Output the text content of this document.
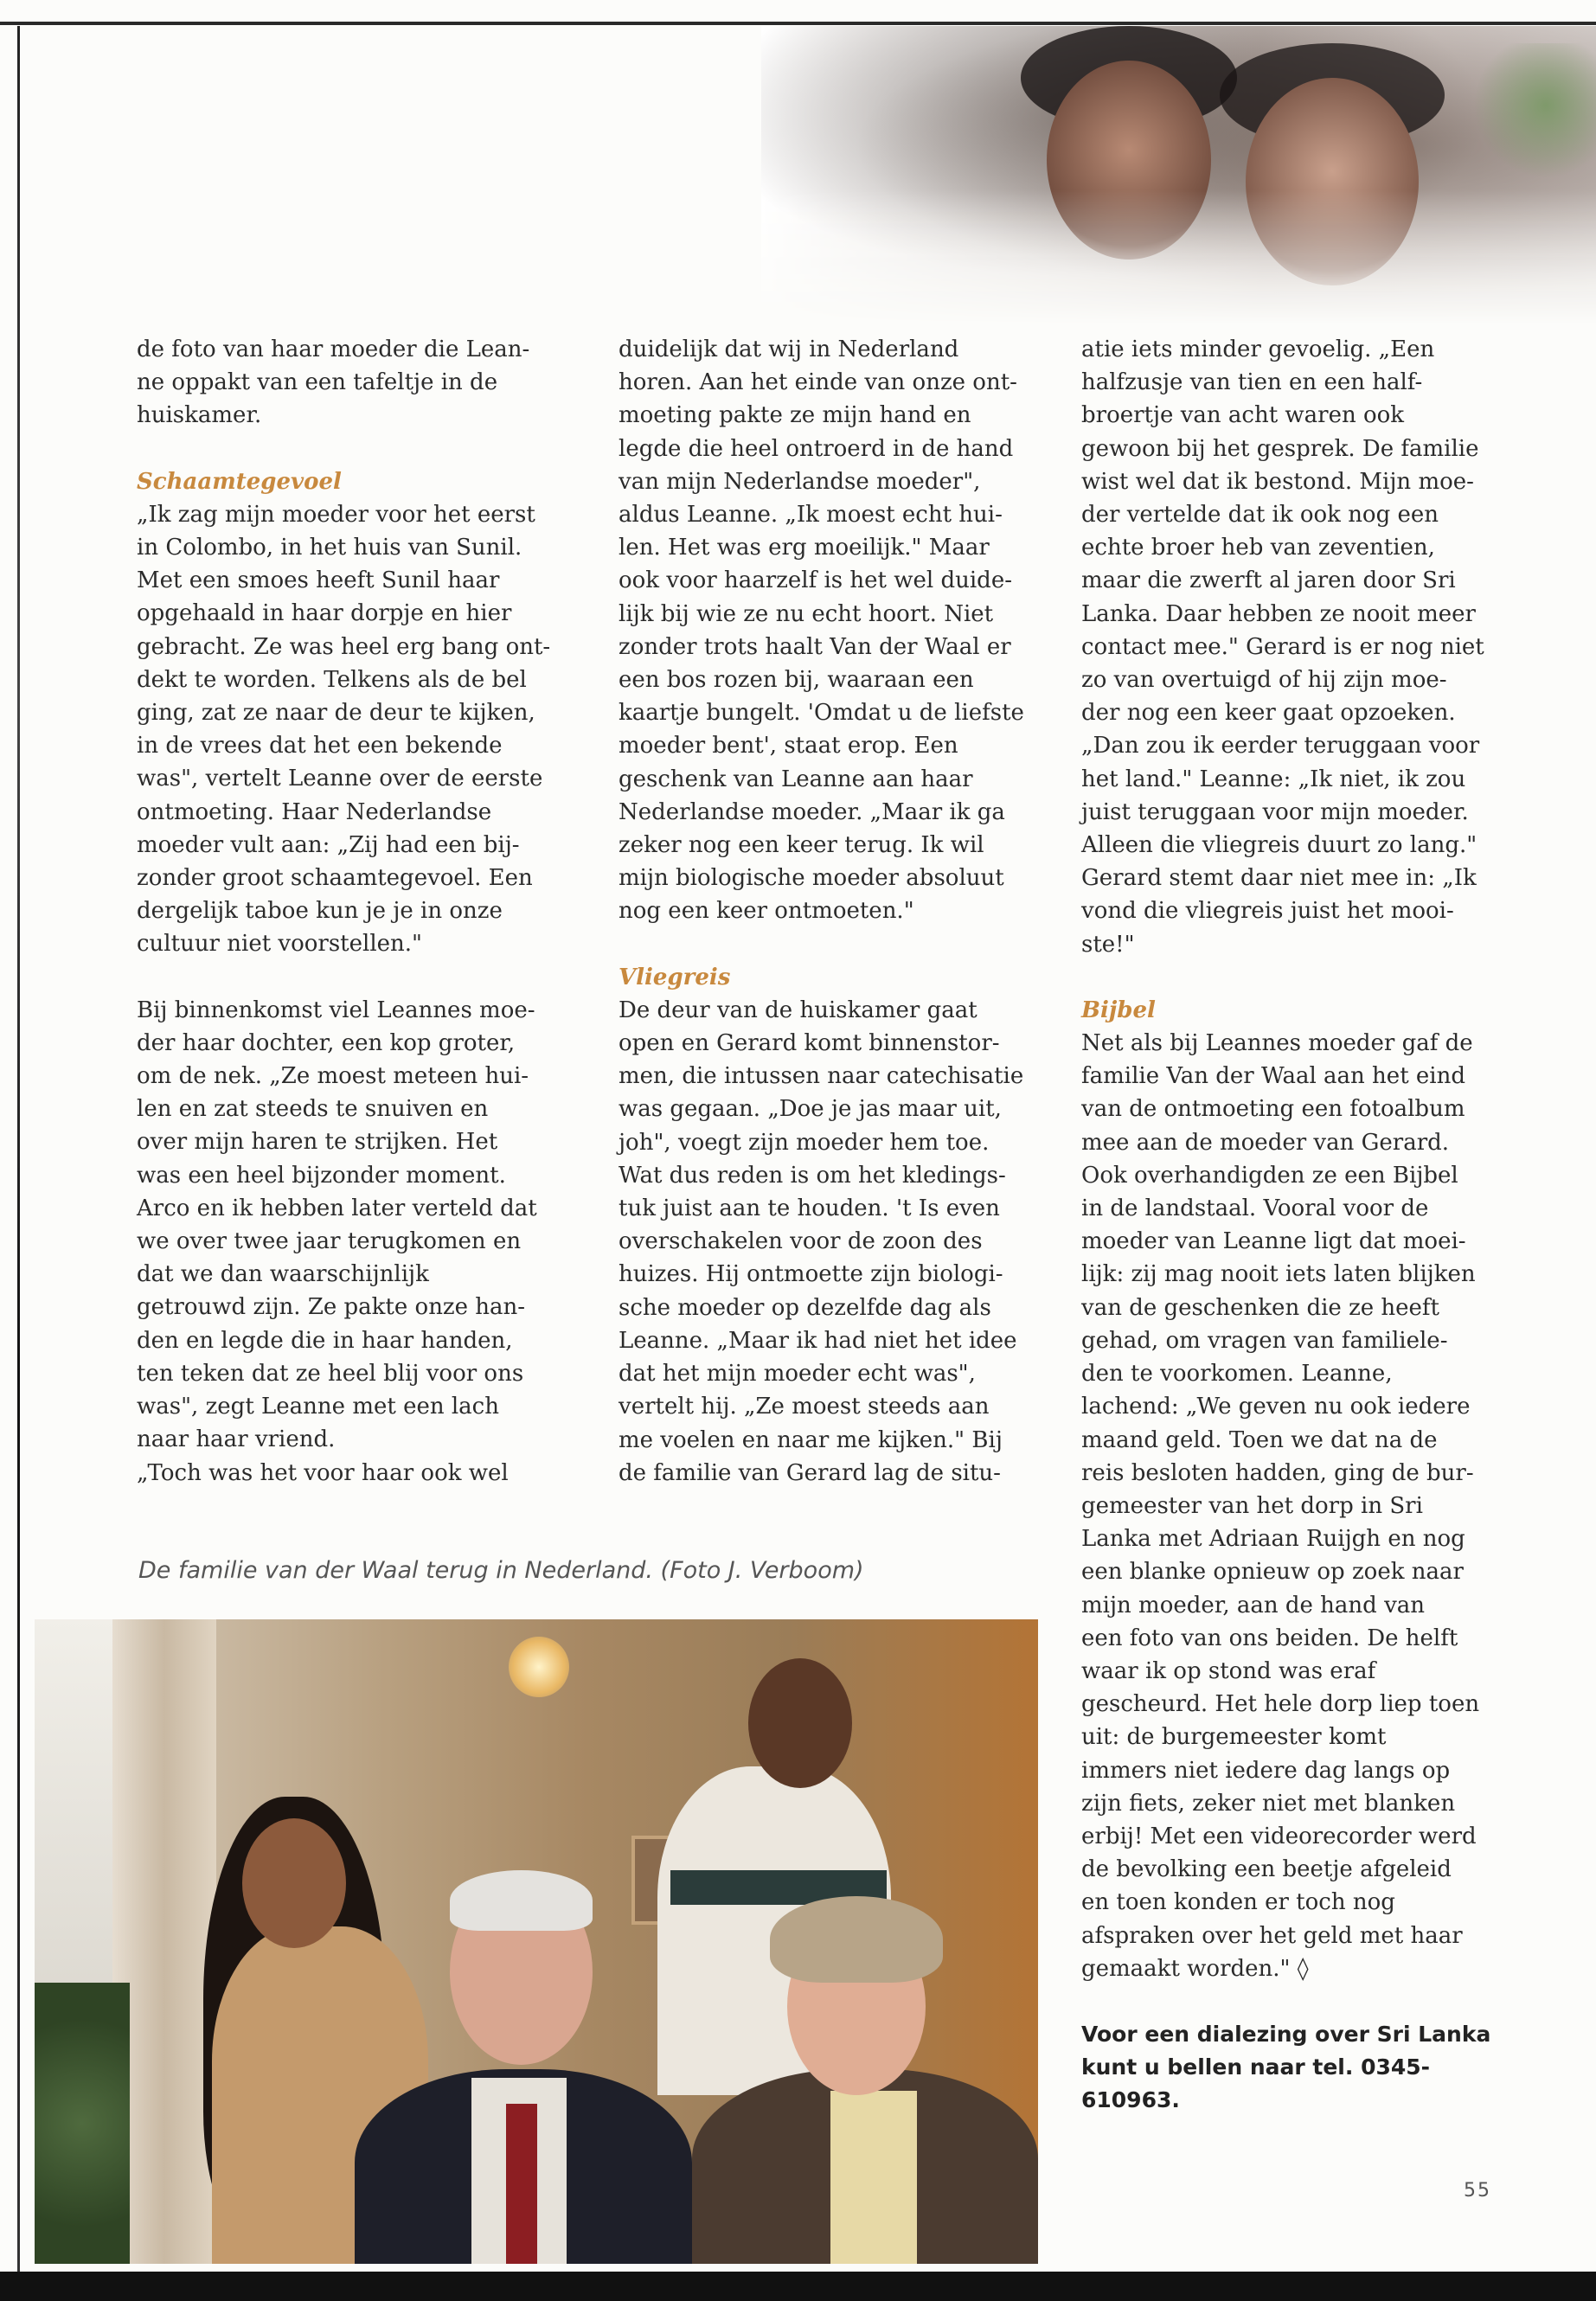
de foto van haar moeder die Lean-

ne oppakt van een tafeltje in de

huiskamer.

Schaamtegevoel

„Ik zag mijn moeder voor het eerst

in Colombo, in het huis van Sunil.

Met een smoes heeft Sunil haar

opgehaald in haar dorpje en hier

gebracht. Ze was heel erg bang ont-

dekt te worden. Telkens als de bel

ging, zat ze naar de deur te kijken,

in de vrees dat het een bekende

was", vertelt Leanne over de eerste

ontmoeting. Haar Nederlandse

moeder vult aan: „Zij had een bij-

zonder groot schaamtegevoel. Een

dergelijk taboe kun je je in onze

cultuur niet voorstellen."

Bij binnenkomst viel Leannes moe-

der haar dochter, een kop groter,

om de nek. „Ze moest meteen hui-

len en zat steeds te snuiven en

over mijn haren te strijken. Het

was een heel bijzonder moment.

Arco en ik hebben later verteld dat

we over twee jaar terugkomen en

dat we dan waarschijnlijk

getrouwd zijn. Ze pakte onze han-

den en legde die in haar handen,

ten teken dat ze heel blij voor ons

was", zegt Leanne met een lach

naar haar vriend.

„Toch was het voor haar ook wel

duidelijk dat wij in Nederland

horen. Aan het einde van onze ont-

moeting pakte ze mijn hand en

legde die heel ontroerd in de hand

van mijn Nederlandse moeder",

aldus Leanne. „Ik moest echt hui-

len. Het was erg moeilijk." Maar

ook voor haarzelf is het wel duide-

lijk bij wie ze nu echt hoort. Niet

zonder trots haalt Van der Waal er

een bos rozen bij, waaraan een

kaartje bungelt. 'Omdat u de liefste

moeder bent', staat erop. Een

geschenk van Leanne aan haar

Nederlandse moeder. „Maar ik ga

zeker nog een keer terug. Ik wil

mijn biologische moeder absoluut

nog een keer ontmoeten."

Vliegreis

De deur van de huiskamer gaat

open en Gerard komt binnenstor-

men, die intussen naar catechisatie

was gegaan. „Doe je jas maar uit,

joh", voegt zijn moeder hem toe.

Wat dus reden is om het kledings-

tuk juist aan te houden. 't Is even

overschakelen voor de zoon des

huizes. Hij ontmoette zijn biologi-

sche moeder op dezelfde dag als

Leanne. „Maar ik had niet het idee

dat het mijn moeder echt was",

vertelt hij. „Ze moest steeds aan

me voelen en naar me kijken." Bij

de familie van Gerard lag de situ-

atie iets minder gevoelig. „Een

halfzusje van tien en een half-

broertje van acht waren ook

gewoon bij het gesprek. De familie

wist wel dat ik bestond. Mijn moe-

der vertelde dat ik ook nog een

echte broer heb van zeventien,

maar die zwerft al jaren door Sri

Lanka. Daar hebben ze nooit meer

contact mee." Gerard is er nog niet

zo van overtuigd of hij zijn moe-

der nog een keer gaat opzoeken.

„Dan zou ik eerder teruggaan voor

het land." Leanne: „Ik niet, ik zou

juist teruggaan voor mijn moeder.

Alleen die vliegreis duurt zo lang."

Gerard stemt daar niet mee in: „Ik

vond die vliegreis juist het mooi-

ste!"

Bijbel

Net als bij Leannes moeder gaf de

familie Van der Waal aan het eind

van de ontmoeting een fotoalbum

mee aan de moeder van Gerard.

Ook overhandigden ze een Bijbel

in de landstaal. Vooral voor de

moeder van Leanne ligt dat moei-

lijk: zij mag nooit iets laten blijken

van de geschenken die ze heeft

gehad, om vragen van familiele-

den te voorkomen. Leanne,

lachend: „We geven nu ook iedere

maand geld. Toen we dat na de

reis besloten hadden, ging de bur-

gemeester van het dorp in Sri

Lanka met Adriaan Ruijgh en nog

een blanke opnieuw op zoek naar

mijn moeder, aan de hand van

een foto van ons beiden. De helft

waar ik op stond was eraf

gescheurd. Het hele dorp liep toen

uit: de burgemeester komt

immers niet iedere dag langs op

zijn fiets, zeker niet met blanken

erbij! Met een videorecorder werd

de bevolking een beetje afgeleid

en toen konden er toch nog

afspraken over het geld met haar

gemaakt worden." ◊

Voor een dialezing over Sri Lanka

kunt u bellen naar tel. 0345-

610963.

De familie van der Waal terug in Nederland. (Foto J. Verboom)
55
